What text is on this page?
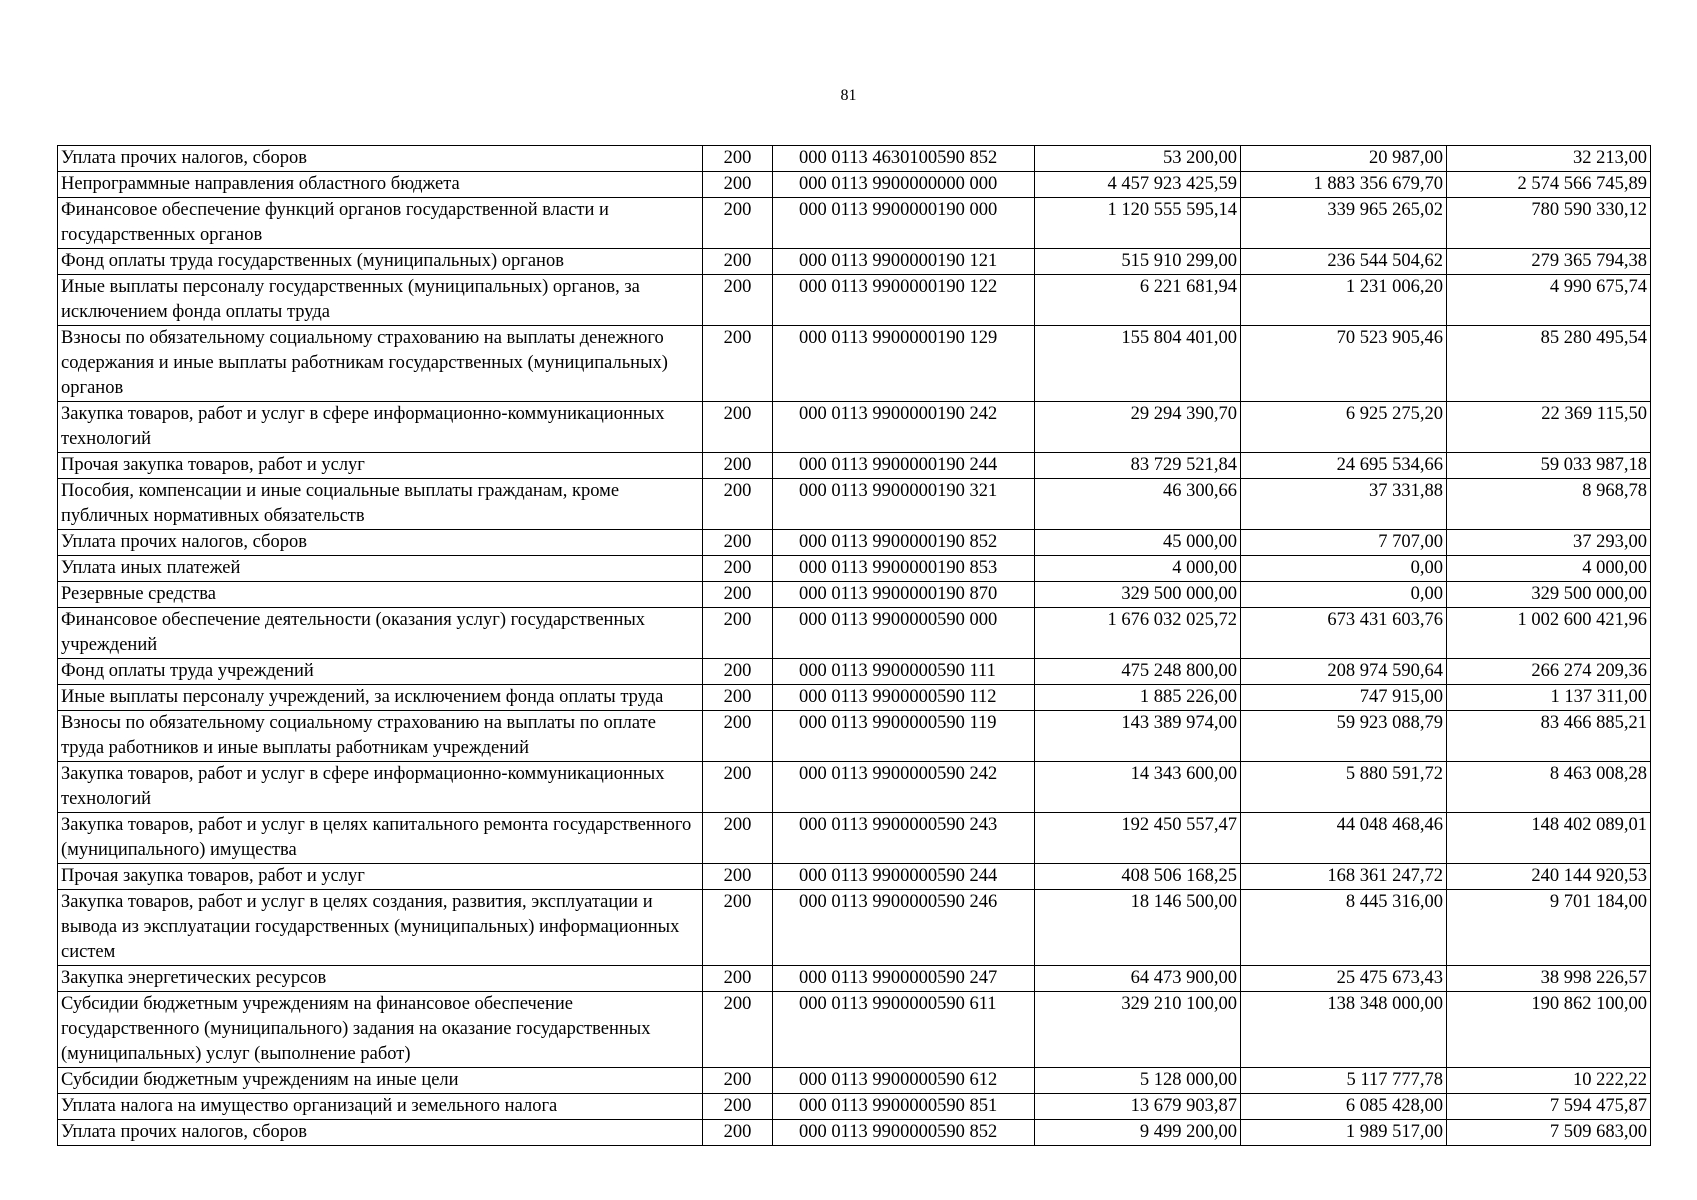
81
Уплата прочих налогов, сборов	200	000 0113 4630100590 852	53 200,00	20 987,00	32 213,00
Непрограммные направления областного бюджета	200	000 0113 9900000000 000	4 457 923 425,59	1 883 356 679,70	2 574 566 745,89
Финансовое обеспечение функций органов государственной власти и государственных органов	200	000 0113 9900000190 000	1 120 555 595,14	339 965 265,02	780 590 330,12
Фонд оплаты труда государственных (муниципальных) органов	200	000 0113 9900000190 121	515 910 299,00	236 544 504,62	279 365 794,38
Иные выплаты персоналу государственных (муниципальных) органов, за исключением фонда оплаты труда	200	000 0113 9900000190 122	6 221 681,94	1 231 006,20	4 990 675,74
Взносы по обязательному социальному страхованию на выплаты денежного содержания и иные выплаты работникам государственных (муниципальных) органов	200	000 0113 9900000190 129	155 804 401,00	70 523 905,46	85 280 495,54
Закупка товаров, работ и услуг в сфере информационно-коммуникационных технологий	200	000 0113 9900000190 242	29 294 390,70	6 925 275,20	22 369 115,50
Прочая закупка товаров, работ и услуг	200	000 0113 9900000190 244	83 729 521,84	24 695 534,66	59 033 987,18
Пособия, компенсации и иные социальные выплаты гражданам, кроме публичных нормативных обязательств	200	000 0113 9900000190 321	46 300,66	37 331,88	8 968,78
Уплата прочих налогов, сборов	200	000 0113 9900000190 852	45 000,00	7 707,00	37 293,00
Уплата иных платежей	200	000 0113 9900000190 853	4 000,00	0,00	4 000,00
Резервные средства	200	000 0113 9900000190 870	329 500 000,00	0,00	329 500 000,00
Финансовое обеспечение деятельности (оказания услуг) государственных учреждений	200	000 0113 9900000590 000	1 676 032 025,72	673 431 603,76	1 002 600 421,96
Фонд оплаты труда учреждений	200	000 0113 9900000590 111	475 248 800,00	208 974 590,64	266 274 209,36
Иные выплаты персоналу учреждений, за исключением фонда оплаты труда	200	000 0113 9900000590 112	1 885 226,00	747 915,00	1 137 311,00
Взносы по обязательному социальному страхованию на выплаты по оплате труда работников и иные выплаты работникам учреждений	200	000 0113 9900000590 119	143 389 974,00	59 923 088,79	83 466 885,21
Закупка товаров, работ и услуг в сфере информационно-коммуникационных технологий	200	000 0113 9900000590 242	14 343 600,00	5 880 591,72	8 463 008,28
Закупка товаров, работ и услуг в целях капитального ремонта государственного (муниципального) имущества	200	000 0113 9900000590 243	192 450 557,47	44 048 468,46	148 402 089,01
Прочая закупка товаров, работ и услуг	200	000 0113 9900000590 244	408 506 168,25	168 361 247,72	240 144 920,53
Закупка товаров, работ и услуг в целях создания, развития, эксплуатации и вывода из эксплуатации государственных (муниципальных) информационных систем	200	000 0113 9900000590 246	18 146 500,00	8 445 316,00	9 701 184,00
Закупка энергетических ресурсов	200	000 0113 9900000590 247	64 473 900,00	25 475 673,43	38 998 226,57
Субсидии бюджетным учреждениям на финансовое обеспечение государственного (муниципального) задания на оказание государственных (муниципальных) услуг (выполнение работ)	200	000 0113 9900000590 611	329 210 100,00	138 348 000,00	190 862 100,00
Субсидии бюджетным учреждениям на иные цели	200	000 0113 9900000590 612	5 128 000,00	5 117 777,78	10 222,22
Уплата налога на имущество организаций и земельного налога	200	000 0113 9900000590 851	13 679 903,87	6 085 428,00	7 594 475,87
Уплата прочих налогов, сборов	200	000 0113 9900000590 852	9 499 200,00	1 989 517,00	7 509 683,00
